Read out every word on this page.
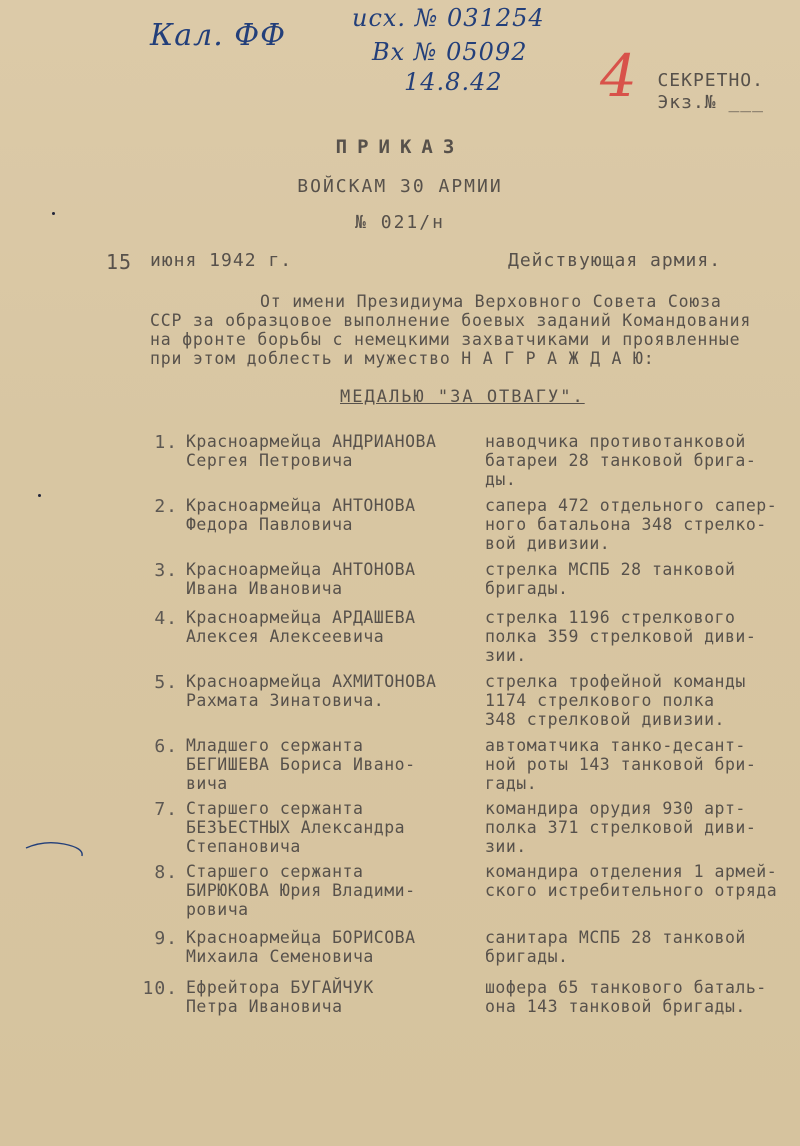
Кал. ФФ	исх. № 031254
Вх № 05092
14.8.42 4 СЕКРЕТНО.
Экз.№ ___
ПРИКАЗ
ВОЙСКАМ 30 АРМИИ
№ 021/н
15 июня 1942 г.	Действующая армия.
От имени Президиума Верховного Совета Союза
ССР за образцовое выполнение боевых заданий Командования
на фронте борьбы с немецкими захватчиками и проявленные
при этом доблесть и мужество Н А Г Р А Ж Д А Ю:
МЕДАЛЬЮ "ЗА ОТВАГУ".
1. Красноармейца АНДРИАНОВА
Сергея Петровича
наводчика противотанковой
батареи 28 танковой брига-
ды.
2. Красноармейца АНТОНОВА
Федора Павловича
сапера 472 отдельного сапер-
ного батальона 348 стрелко-
вой дивизии.
3. Красноармейца АНТОНОВА
Ивана Ивановича
стрелка МСПБ 28 танковой
бригады.
4. Красноармейца АРДАШЕВА
Алексея Алексеевича
стрелка 1196 стрелкового
полка 359 стрелковой диви-
зии.
5. Красноармейца АХМИТОНОВА
Рахмата Зинатовича.
стрелка трофейной команды
1174 стрелкового полка
348 стрелковой дивизии.
6. Младшего сержанта
БЕГИШЕВА Бориса Ивано-
вича
автоматчика танко-десант-
ной роты 143 танковой бри-
гады.
7. Старшего сержанта
БЕЗЪЕСТНЫХ Александра
Степановича
командира орудия 930 арт-
полка 371 стрелковой диви-
зии.
8. Старшего сержанта
БИРЮКОВА Юрия Владими-
ровича
командира отделения 1 армей-
ского истребительного отряда
9. Красноармейца БОРИСОВА
Михаила Семеновича
санитара МСПБ 28 танковой
бригады.
10. Ефрейтора БУГАЙЧУК
Петра Ивановича
шофера 65 танкового баталь-
она 143 танковой бригады.
